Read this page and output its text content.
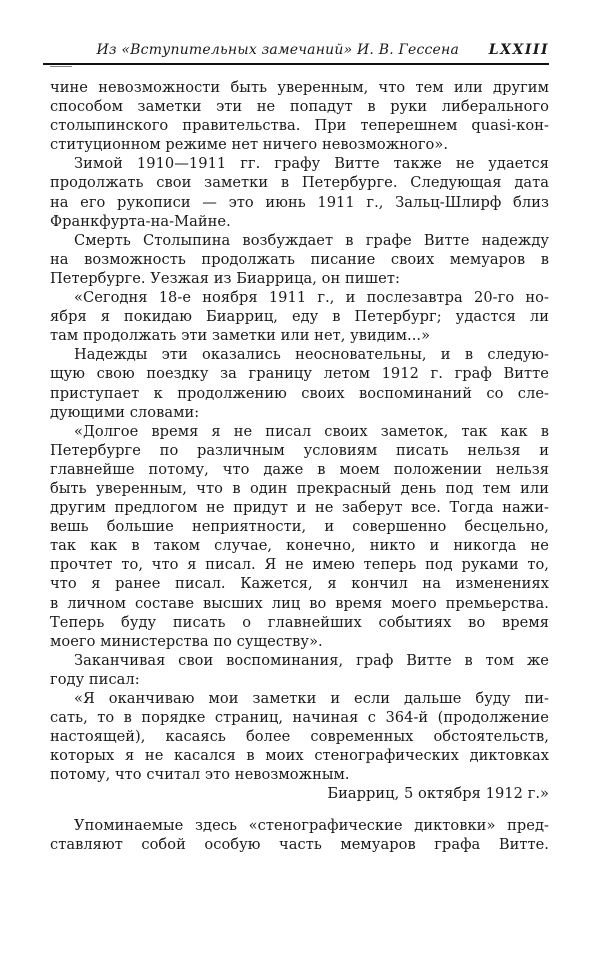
Из «Вступительных замечаний» И. В. Гессена LXXIII
чине невозможности быть уверенным, что тем или другим
способом заметки эти не попадут в руки либерального
столыпинского правительства. При теперешнем quasi-кон-
ституционном режиме нет ничего невозможного».
Зимой 1910—1911 гг. графу Витте также не удается
продолжать свои заметки в Петербурге. Следующая дата
на его рукописи — это июнь 1911 г., Зальц-Шлирф близ
Франкфурта-на-Майне.
Смерть Столыпина возбуждает в графе Витте надежду
на возможность продолжать писание своих мемуаров в
Петербурге. Уезжая из Биаррица, он пишет:
«Сегодня 18-е ноября 1911 г., и послезавтра 20-го но-
ября я покидаю Биарриц, еду в Петербург; удастся ли
там продолжать эти заметки или нет, увидим...»
Надежды эти оказались неосновательны, и в следую-
щую свою поездку за границу летом 1912 г. граф Витте
приступает к продолжению своих воспоминаний со сле-
дующими словами:
«Долгое время я не писал своих заметок, так как в
Петербурге по различным условиям писать нельзя и
главнейше потому, что даже в моем положении нельзя
быть уверенным, что в один прекрасный день под тем или
другим предлогом не придут и не заберут все. Тогда нажи-
вешь большие неприятности, и совершенно бесцельно,
так как в таком случае, конечно, никто и никогда не
прочтет то, что я писал. Я не имею теперь под руками то,
что я ранее писал. Кажется, я кончил на изменениях
в личном составе высших лиц во время моего премьерства.
Теперь буду писать о главнейших событиях во время
моего министерства по существу».
Заканчивая свои воспоминания, граф Витте в том же
году писал:
«Я оканчиваю мои заметки и если дальше буду пи-
сать, то в порядке страниц, начиная с 364-й (продолжение
настоящей), касаясь более современных обстоятельств,
которых я не касался в моих стенографических диктовках
потому, что считал это невозможным.
Биарриц, 5 октября 1912 г.»
Упоминаемые здесь «стенографические диктовки» пред-
ставляют собой особую часть мемуаров графа Витте.
